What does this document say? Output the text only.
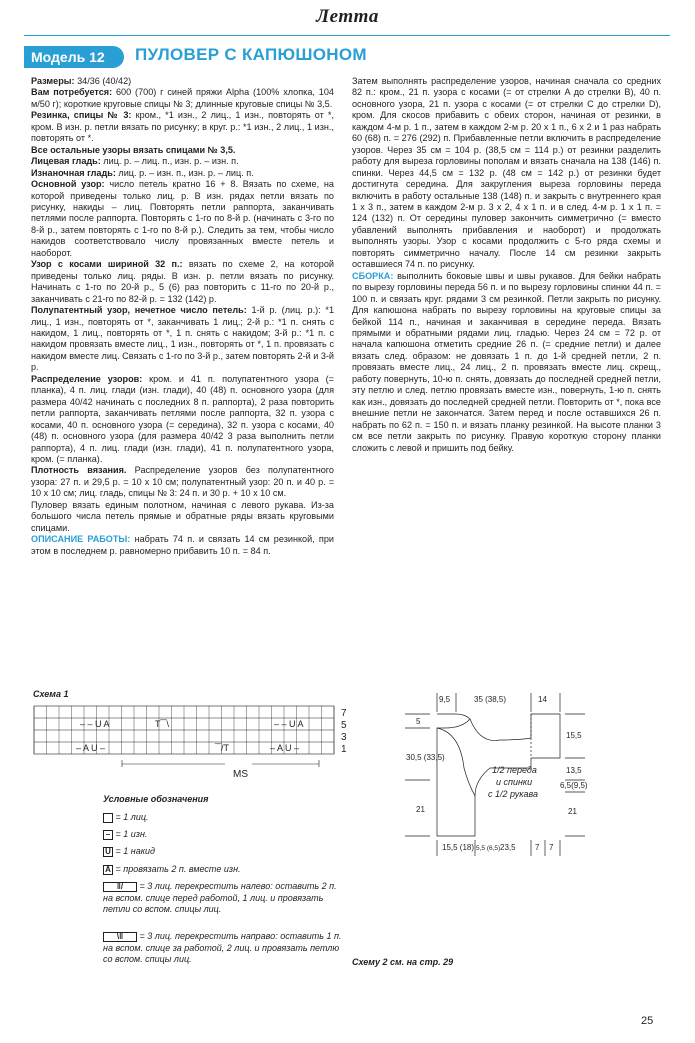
Летта
Модель 12	ПУЛОВЕР С КАПЮШОНОМ

Размеры: 34/36 (40/42)

Вам потребуется: 600 (700) г синей пряжи Alpha (100% хлопка, 104 м/50 г); короткие круговые спицы № 3; длинные круговые спицы № 3,5.

Резинка, спицы № 3: кром., *1 изн., 2 лиц., 1 изн., повторять от *, кром. В изн. р. петли вязать по рисунку; в круг. р.: *1 изн., 2 лиц., 1 изн., повторять от *.

Все остальные узоры вязать спицами № 3,5.

Лицевая гладь: лиц. р. – лиц. п., изн. р. – изн. п.

Изнаночная гладь: лиц. р. – изн. п., изн. р. – лиц. п.

Основной узор: число петель кратно 16 + 8. Вязать по схеме, на которой приведены только лиц. р. В изн. рядах петли вязать по рисунку, накиды – лиц. Повторять петли раппорта, заканчивать петлями после раппорта. Повторять с 1-го по 8-й р. (начинать с 3-го по 8-й р., затем повторять с 1-го по 8-й р.). Следить за тем, чтобы число накидов соответствовало числу провязанных вместе петель и наоборот.

Узор с косами шириной 32 п.: вязать по схеме 2, на которой приведены только лиц. ряды. В изн. р. петли вязать по рисунку. Начинать с 1-го по 20-й р., 5 (6) раз повторить с 11-го по 20-й р., заканчивать с 21-го по 82-й р. = 132 (142) р.

Полупатентный узор, нечетное число петель: 1-й р. (лиц. р.): *1 лиц., 1 изн., повторять от *, заканчивать 1 лиц.; 2-й р.: *1 п. снять с накидом, 1 лиц., повторять от *, 1 п. снять с накидом; 3-й р.: *1 п. с накидом провязать вместе лиц., 1 изн., повторять от *, 1 п. провязать с накидом вместе лиц. Связать с 1-го по 3-й р., затем повторять 2-й и 3-й р.

Распределение узоров: кром. и 41 п. полупатентного узора (= планка), 4 п. лиц. глади (изн. глади), 40 (48) п. основного узора (для размера 40/42 начинать с последних 8 п. раппорта), 2 раза повторить петли раппорта, заканчивать петлями после раппорта, 32 п. узора с косами, 40 п. основного узора (= середина), 32 п. узора с косами, 40 (48) п. основного узора (для размера 40/42 3 раза выполнить петли раппорта), 4 п. лиц. глади (изн. глади), 41 п. полупатентного узора, кром. (= планка).

Плотность вязания. Распределение узоров без полупатентного узора: 27 п. и 29,5 р. = 10 x 10 см; полупатентный узор: 20 п. и 40 р. = 10 x 10 см; лиц. гладь, спицы № 3: 24 п. и 30 р. + 10 x 10 см.

Пуловер вязать единым полотном, начиная с левого рукава. Из-за большого числа петель прямые и обратные ряды вязать круговыми спицами.

ОПИСАНИЕ РАБОТЫ: набрать 74 п. и связать 14 см резинкой, при этом в последнем р. равномерно прибавить 10 п. = 84 п.

Затем выполнять распределение узоров, начиная сначала со средних 82 п.: кром., 21 п. узора с косами (= от стрелки A до стрелки B), 40 п. основного узора, 21 п. узора с косами (= от стрелки C до стрелки D), кром. Для скосов прибавить с обеих сторон, начиная от резинки, в каждом 4-м р. 1 п., затем в каждом 2-м р. 20 x 1 п., 6 x 2 и 1 раз набрать 60 (68) п. = 276 (292) п. Прибавленные петли включить в распределение узоров. Через 35 см = 104 р. (38,5 см = 114 р.) от резинки разделить работу для выреза горловины пополам и вязать сначала на 138 (146) п. спинки. Через 44,5 см = 132 р. (48 см = 142 р.) от резинки будет достигнута середина. Для закругления выреза горловины переда включить в работу остальные 138 (148) п. и закрыть с внутреннего края 1 x 3 п., затем в каждом 2-м р. 3 x 2, 4 x 1 п. и в след. 4-м р. 1 x 1 п. = 124 (132) п. От середины пуловер закончить симметрично (= вместо убавлений выполнять прибавления и наоборот) и продолжать выполнять узоры. Узор с косами продолжить с 5-го ряда схемы и повторять симметрично началу. После 14 см резинки закрыть оставшиеся 74 п. по рисунку.

СБОРКА: выполнить боковые швы и швы рукавов. Для бейки набрать по вырезу горловины переда 56 п. и по вырезу горловины спинки 44 п. = 100 п. и связать круг. рядами 3 см резинкой. Петли закрыть по рисунку. Для капюшона набрать по вырезу горловины на круговые спицы за бейкой 114 п., начиная и заканчивая в середине переда. Вязать прямыми и обратными рядами лиц. гладью. Через 24 см = 72 р. от начала капюшона отметить средние 26 п. (= средние петли) и далее вязать след. образом: не довязать 1 п. до 1-й средней петли, 2 п. провязать вместе лиц., 24 лиц., 2 п. провязать вместе лиц. скрещ., работу повернуть, 10-ю п. снять, довязать до последней средней петли, эту петлю и след. петлю провязать вместе изн., повернуть, 1-ю п. снять как изн., довязать до последней средней петли. Повторить от *, пока все внешние петли не закончатся. Затем перед и после оставшихся 26 п. набрать по 62 п. = 150 п. и вязать планку резинкой. На высоте планки 3 см все петли закрыть по рисунку. Правую короткую сторону планки сложить с левой и пришить под бейку.

Схема 1
– – U A
– A U –
T‾‾\
‾‾/T
– – U A
– A U –
7
5
3
1
MS
Условные обозначения
= 1 лиц.
– = 1 изн.
U = 1 накид
A = провязать 2 п. вместе изн.
‖/ = 3 лиц. перекрестить налево: оставить 2 п. на вспом. спице перед работой, 1 лиц. и провязать петли со вспом. спицы лиц.
\‖ = 3 лиц. перекрестить направо: оставить 1 п. на вспом. спице за работой, 2 лиц. и провязать петлю со вспом. спицы лиц.
9,5	35 (38,5)	14
5
30,5 (33,5)
21
15,5
13,5
6,5(9,5)
21
15,5 (18) 5,5 (6,5) 23,5 7 7
1/2 переда
и спинки
с 1/2 рукава
Схему 2 см. на стр. 29
25
